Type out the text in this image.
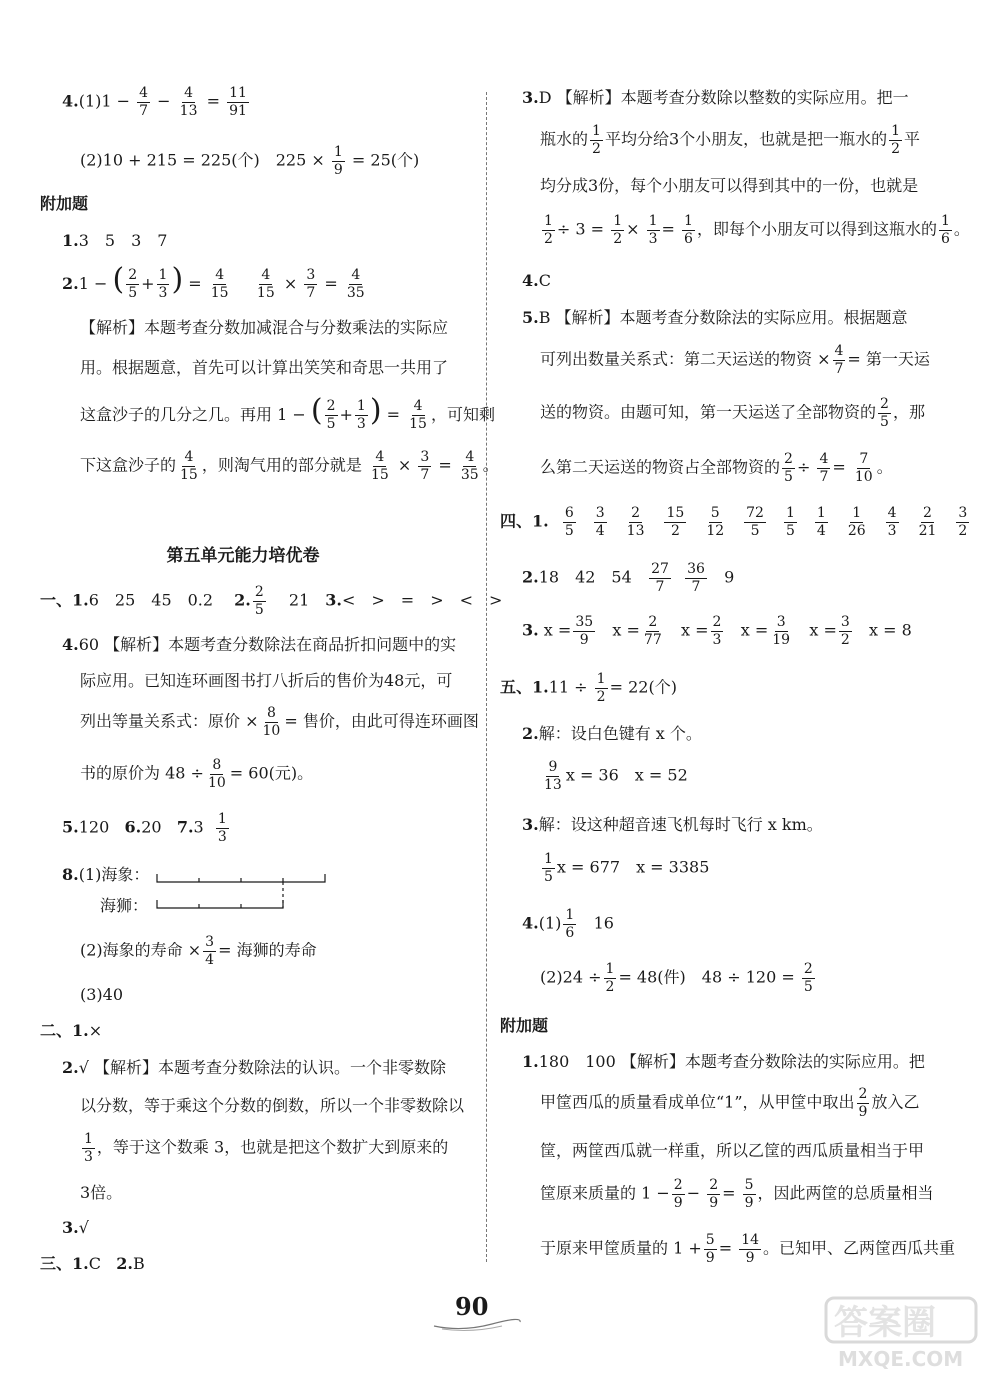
$4.(1)1 - \frac{4}{7} - \frac{4}{13} = \frac{11}{91}$
(2)10 + 215 = 225(个)　$225 \times \frac{1}{9} = 25$(个)
附加题
1.3　5　3　7
2.1 − ( $\frac{2}{5} + \frac{1}{3}$ ) = $\frac{4}{15}$
$\frac{4}{15} \times \frac{3}{7} = \frac{4}{35}$
【解析】本题考查分数加减混合与分数乘法的实际应
用。根据题意，首先可以计算出笑笑和奇思一共用了
这盒沙子的几分之几。再用 1 − ( $\frac{2}{5} + \frac{1}{3}$ ) = $\frac{4}{15}$ ，可知剩
下这盒沙子的 $\frac{4}{15}$ ，则淘气用的部分就是 $\frac{4}{15} \times \frac{3}{7} = \frac{4}{35}$ 。
第五单元能力培优卷
一、1.6　25　45　0.2　 2. $\frac{2}{5}$ 　21　3.<　>　=　>　<　>
4.60 【解析】本题考查分数除法在商品折扣问题中的实
际应用。已知连环画图书打八折后的售价为48元，可
列出等量关系式：原价 × $\frac{8}{10}$ = 售价，由此可得连环画图
书的原价为 $48 \div \frac{8}{10} = 60$(元)。
5.120 6.20 $7.3 \frac{1}{3}$
8.(1)海象：
海狮：
(2)海象的寿命 × $\frac{3}{4}$ = 海狮的寿命
(3)40
二、1.×
2.√ 【解析】本题考查分数除法的认识。一个非零数除
以分数，等于乘这个分数的倒数，所以一个非零数除以
$\frac{1}{3}$ ，等于这个数乘 3，也就是把这个数扩大到原来的
3倍。
3.√
三、1.C 2.B
3.D 【解析】本题考查分数除以整数的实际应用。把一
瓶水的 $\frac{1}{2}$ 平均分给3个小朋友，也就是把一瓶水的 $\frac{1}{2}$ 平
均分成3份，每个小朋友可以得到其中的一份，也就是
$\frac{1}{2} \div 3 = \frac{1}{2} \times \frac{1}{3} = \frac{1}{6}$ ，即每个小朋友可以得到这瓶水的 $\frac{1}{6}$ 。
4.C
5.B 【解析】本题考查分数除法的实际应用。根据题意
可列出数量关系式：第二天运送的物资 × $\frac{4}{7}$ = 第一天运
送的物资。由题可知，第一天运送了全部物资的 $\frac{2}{5}$ ，那
么第二天运送的物资占全部物资的 $\frac{2}{5} \div \frac{4}{7} = \frac{7}{10}$ 。
四、1. $\frac{6}{5} \frac{3}{4} \frac{2}{13} \frac{15}{2} \frac{5}{12} \frac{72}{5} \frac{1}{5} \frac{1}{4} \frac{1}{26} \frac{4}{3} \frac{2}{21} \frac{3}{2}$
2.18　42　$54 \frac{27}{7}$
$\frac{36}{7} 9$
3. $x = \frac{35}{9}$ $x = \frac{2}{77}$ $x = \frac{2}{3}$ $x = \frac{3}{19}$ $x = \frac{3}{2}$ x = 8
五、$1.11 \div \frac{1}{2} = 22$(个)
2.解：设白色键有 x 个。
$\frac{9}{13}$ x = 36　x = 52
3.解：设这种超音速飞机每时飞行 x km。
$\frac{1}{5}$ x = 677　x = 3385
$4.(1) \frac{1}{6} 16$
$(2)24 \div \frac{1}{2} = 48$(件)　$48 \div 120 = \frac{2}{5}$
附加题
1.180　100 【解析】本题考查分数除法的实际应用。把
甲筐西瓜的质量看成单位“1”，从甲筐中取出 $\frac{2}{9}$ 放入乙
筐，两筐西瓜就一样重，所以乙筐的西瓜质量相当于甲
筐原来质量的 $1 - \frac{2}{9} - \frac{2}{9} = \frac{5}{9}$ ，因此两筐的总质量相当
于原来甲筐质量的 $1 + \frac{5}{9} = \frac{14}{9}$ 。已知甲、乙两筐西瓜共重
90	答案圈
MXQE.COM
